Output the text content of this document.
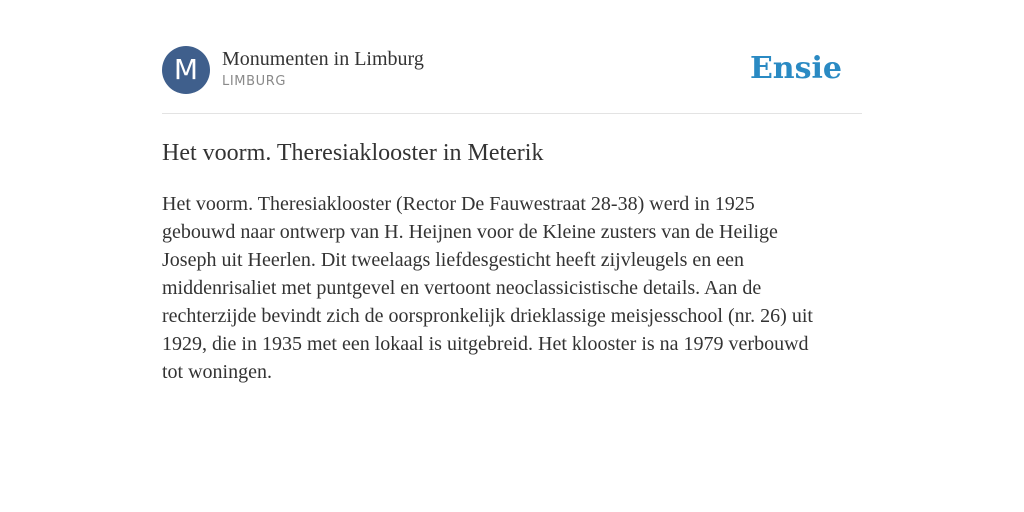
M	Monumenten in Limburg
LIMBURG	Ensie
Het voorm. Theresiaklooster in Meterik

Het voorm. Theresiaklooster (Rector De Fauwestraat 28-38) werd in 1925
gebouwd naar ontwerp van H. Heijnen voor de Kleine zusters van de Heilige
Joseph uit Heerlen. Dit tweelaags liefdesgesticht heeft zijvleugels en een
middenrisaliet met puntgevel en vertoont neoclassicistische details. Aan de
rechterzijde bevindt zich de oorspronkelijk drieklassige meisjesschool (nr. 26) uit
1929, die in 1935 met een lokaal is uitgebreid. Het klooster is na 1979 verbouwd
tot woningen.
